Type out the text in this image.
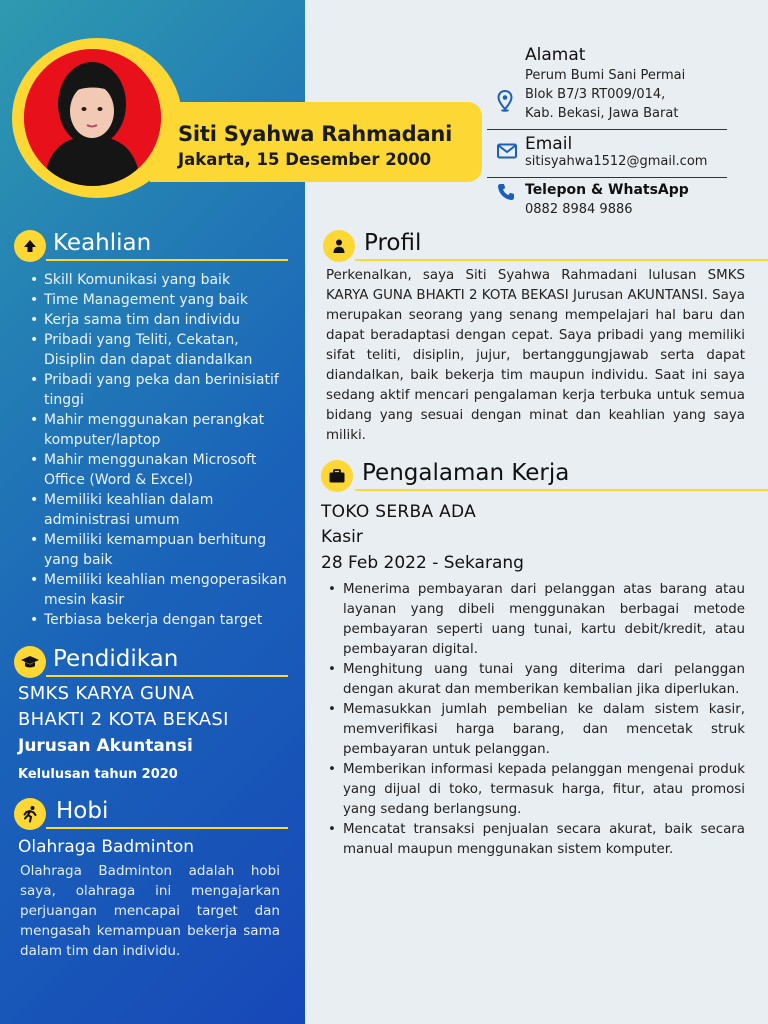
Siti Syahwa Rahmadani
Jakarta, 15 Desember 2000
Alamat
Perum Bumi Sani Permai
Blok B7/3 RT009/014,
Kab. Bekasi, Jawa Barat
Email
sitisyahwa1512@gmail.com
Telepon & WhatsApp
0882 8984 9886
Keahlian
• Skill Komunikasi yang baik
• Time Management yang baik
• Kerja sama tim dan individu
• Pribadi yang Teliti, Cekatan, Disiplin dan dapat diandalkan
• Pribadi yang peka dan berinisiatif tinggi
• Mahir menggunakan perangkat komputer/laptop
• Mahir menggunakan Microsoft Office (Word & Excel)
• Memiliki keahlian dalam administrasi umum
• Memiliki kemampuan berhitung yang baik
• Memiliki keahlian mengoperasikan mesin kasir
• Terbiasa bekerja dengan target
Pendidikan
SMKS KARYA GUNA
BHAKTI 2 KOTA BEKASI
Jurusan Akuntansi
Kelulusan tahun 2020
Hobi
Olahraga Badminton
Olahraga Badminton adalah hobi saya, olahraga ini mengajarkan perjuangan mencapai target dan mengasah kemampuan bekerja sama dalam tim dan individu.
Profil
Perkenalkan, saya Siti Syahwa Rahmadani lulusan SMKS KARYA GUNA BHAKTI 2 KOTA BEKASI Jurusan AKUNTANSI. Saya merupakan seorang yang senang mempelajari hal baru dan dapat beradaptasi dengan cepat. Saya pribadi yang memiliki sifat teliti, disiplin, jujur, bertanggungjawab serta dapat diandalkan, baik bekerja tim maupun individu. Saat ini saya sedang aktif mencari pengalaman kerja terbuka untuk semua bidang yang sesuai dengan minat dan keahlian yang saya miliki.
Pengalaman Kerja
TOKO SERBA ADA
Kasir
28 Feb 2022 - Sekarang
• Menerima pembayaran dari pelanggan atas barang atau layanan yang dibeli menggunakan berbagai metode pembayaran seperti uang tunai, kartu debit/kredit, atau pembayaran digital.
• Menghitung uang tunai yang diterima dari pelanggan dengan akurat dan memberikan kembalian jika diperlukan.
• Memasukkan jumlah pembelian ke dalam sistem kasir, memverifikasi harga barang, dan mencetak struk pembayaran untuk pelanggan.
• Memberikan informasi kepada pelanggan mengenai produk yang dijual di toko, termasuk harga, fitur, atau promosi yang sedang berlangsung.
• Mencatat transaksi penjualan secara akurat, baik secara manual maupun menggunakan sistem komputer.
